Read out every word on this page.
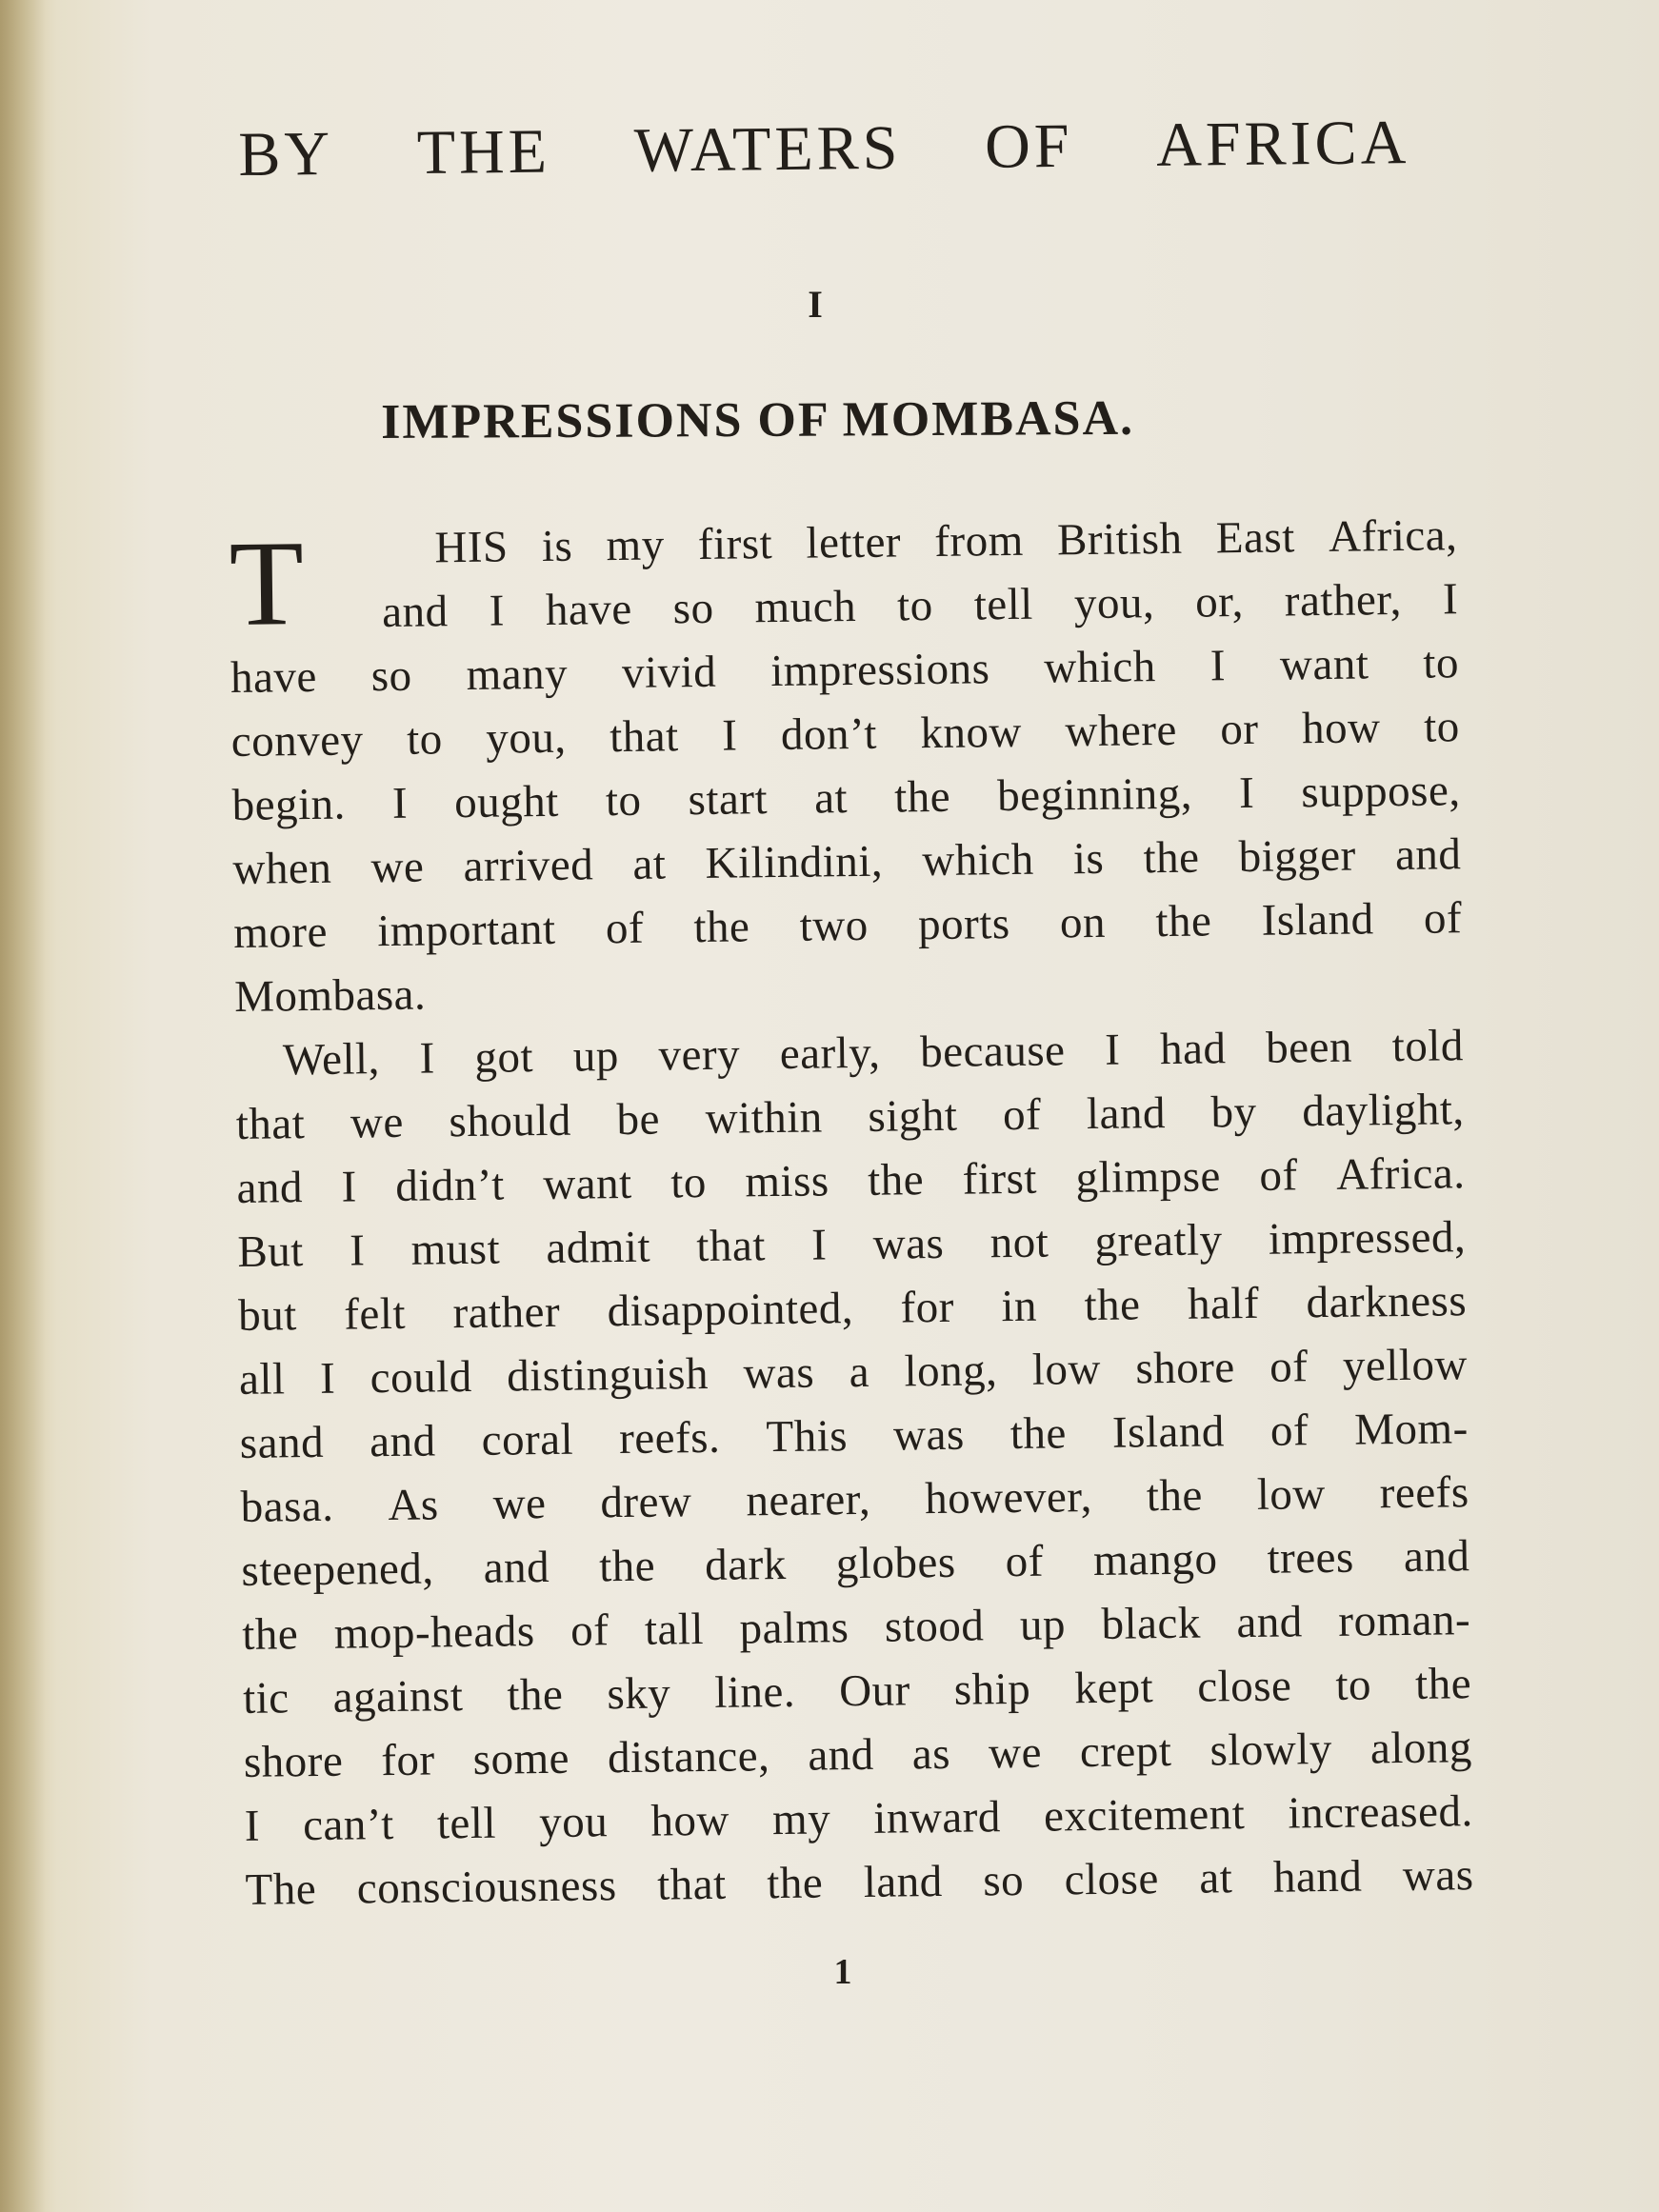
BY THE WATERS OF AFRICA
I
IMPRESSIONS OF MOMBASA.
T	HIS is my first letter from British East Africa,
and I have so much to tell you, or, rather, I
have so many vivid impressions which I want to
convey to you, that I don’t know where or how to
begin. I ought to start at the beginning, I suppose,
when we arrived at Kilindini, which is the bigger and
more important of the two ports on the Island of
Mombasa.
Well, I got up very early, because I had been told
that we should be within sight of land by daylight,
and I didn’t want to miss the first glimpse of Africa.
But I must admit that I was not greatly impressed,
but felt rather disappointed, for in the half darkness
all I could distinguish was a long, low shore of yellow
sand and coral reefs. This was the Island of Mom-
basa. As we drew nearer, however, the low reefs
steepened, and the dark globes of mango trees and
the mop-heads of tall palms stood up black and roman-
tic against the sky line. Our ship kept close to the
shore for some distance, and as we crept slowly along
I can’t tell you how my inward excitement increased.
The consciousness that the land so close at hand was
1
